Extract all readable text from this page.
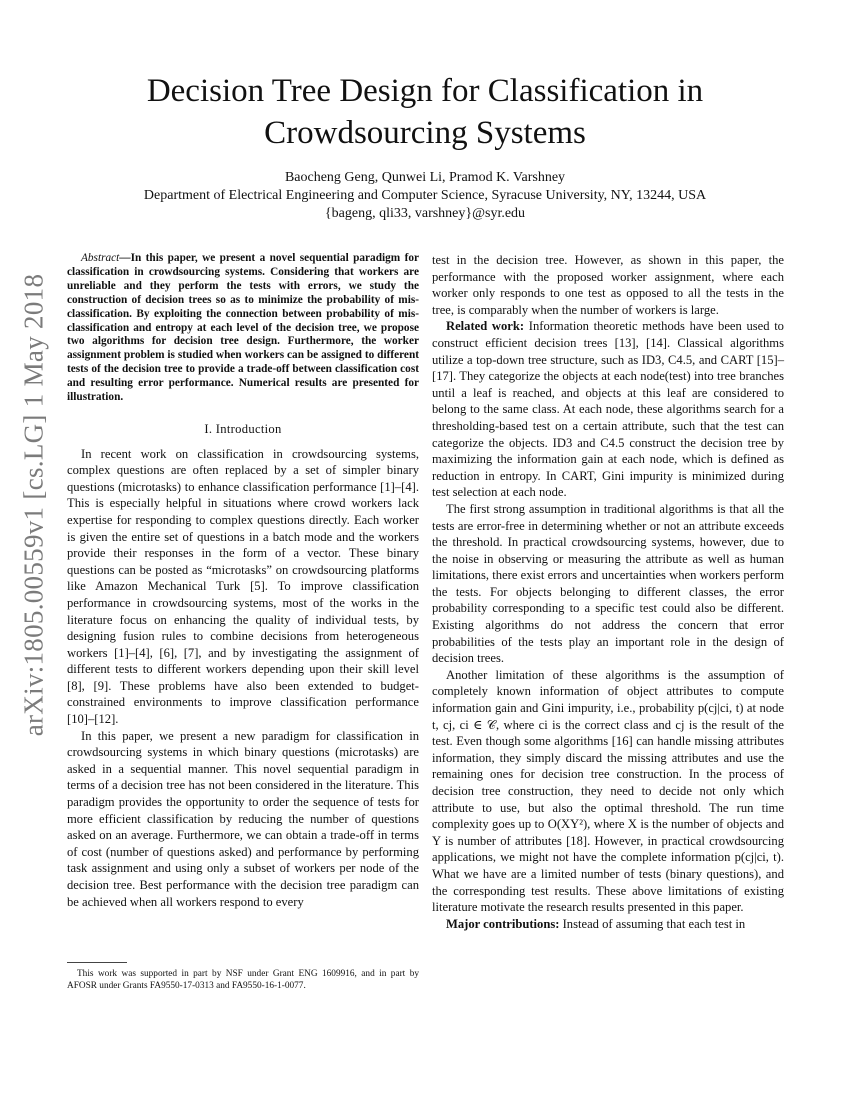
arXiv:1805.00559v1 [cs.LG] 1 May 2018
Decision Tree Design for Classification in
Crowdsourcing Systems
Baocheng Geng, Qunwei Li, Pramod K. Varshney
Department of Electrical Engineering and Computer Science, Syracuse University, NY, 13244, USA
{bageng, qli33, varshney}@syr.edu

Abstract—In this paper, we present a novel sequential paradigm for classification in crowdsourcing systems. Considering that workers are unreliable and they perform the tests with errors, we study the construction of decision trees so as to minimize the probability of mis-classification. By exploiting the connection between probability of mis-classification and entropy at each level of the decision tree, we propose two algorithms for decision tree design. Furthermore, the worker assignment problem is studied when workers can be assigned to different tests of the decision tree to provide a trade-off between classification cost and resulting error performance. Numerical results are presented for illustration.

I. Introduction

In recent work on classification in crowdsourcing systems, complex questions are often replaced by a set of simpler binary questions (microtasks) to enhance classification performance [1]–[4]. This is especially helpful in situations where crowd workers lack expertise for responding to complex questions directly. Each worker is given the entire set of questions in a batch mode and the workers provide their responses in the form of a vector. These binary questions can be posted as “microtasks” on crowdsourcing platforms like Amazon Mechanical Turk [5]. To improve classification performance in crowdsourcing systems, most of the works in the literature focus on enhancing the quality of individual tests, by designing fusion rules to combine decisions from heterogeneous workers [1]–[4], [6], [7], and by investigating the assignment of different tests to different workers depending upon their skill level [8], [9]. These problems have also been extended to budget-constrained environments to improve classification performance [10]–[12].

In this paper, we present a new paradigm for classification in crowdsourcing systems in which binary questions (microtasks) are asked in a sequential manner. This novel sequential paradigm in terms of a decision tree has not been considered in the literature. This paradigm provides the opportunity to order the sequence of tests for more efficient classification by reducing the number of questions asked on an average. Furthermore, we can obtain a trade-off in terms of cost (number of questions asked) and performance by performing task assignment and using only a subset of workers per node of the decision tree. Best performance with the decision tree paradigm can be achieved when all workers respond to every

This work was supported in part by NSF under Grant ENG 1609916, and in part by AFOSR under Grants FA9550-17-0313 and FA9550-16-1-0077.

test in the decision tree. However, as shown in this paper, the performance with the proposed worker assignment, where each worker only responds to one test as opposed to all the tests in the tree, is comparably when the number of workers is large.

Related work: Information theoretic methods have been used to construct efficient decision trees [13], [14]. Classical algorithms utilize a top-down tree structure, such as ID3, C4.5, and CART [15]–[17]. They categorize the objects at each node(test) into tree branches until a leaf is reached, and objects at this leaf are considered to belong to the same class. At each node, these algorithms search for a thresholding-based test on a certain attribute, such that the test can categorize the objects. ID3 and C4.5 construct the decision tree by maximizing the information gain at each node, which is defined as reduction in entropy. In CART, Gini impurity is minimized during test selection at each node.

The first strong assumption in traditional algorithms is that all the tests are error-free in determining whether or not an attribute exceeds the threshold. In practical crowdsourcing systems, however, due to the noise in observing or measuring the attribute as well as human limitations, there exist errors and uncertainties when workers perform the tests. For objects belonging to different classes, the error probability corresponding to a specific test could also be different. Existing algorithms do not address the concern that error probabilities of the tests play an important role in the design of decision trees.

Another limitation of these algorithms is the assumption of completely known information of object attributes to compute information gain and Gini impurity, i.e., probability p(cj|ci, t) at node t, cj, ci ∈ 𝒞, where ci is the correct class and cj is the result of the test. Even though some algorithms [16] can handle missing attributes information, they simply discard the missing attributes and use the remaining ones for decision tree construction. In the process of decision tree construction, they need to decide not only which attribute to use, but also the optimal threshold. The run time complexity goes up to O(XY²), where X is the number of objects and Y is number of attributes [18]. However, in practical crowdsourcing applications, we might not have the complete information p(cj|ci, t). What we have are a limited number of tests (binary questions), and the corresponding test results. These above limitations of existing literature motivate the research results presented in this paper.

Major contributions: Instead of assuming that each test in
